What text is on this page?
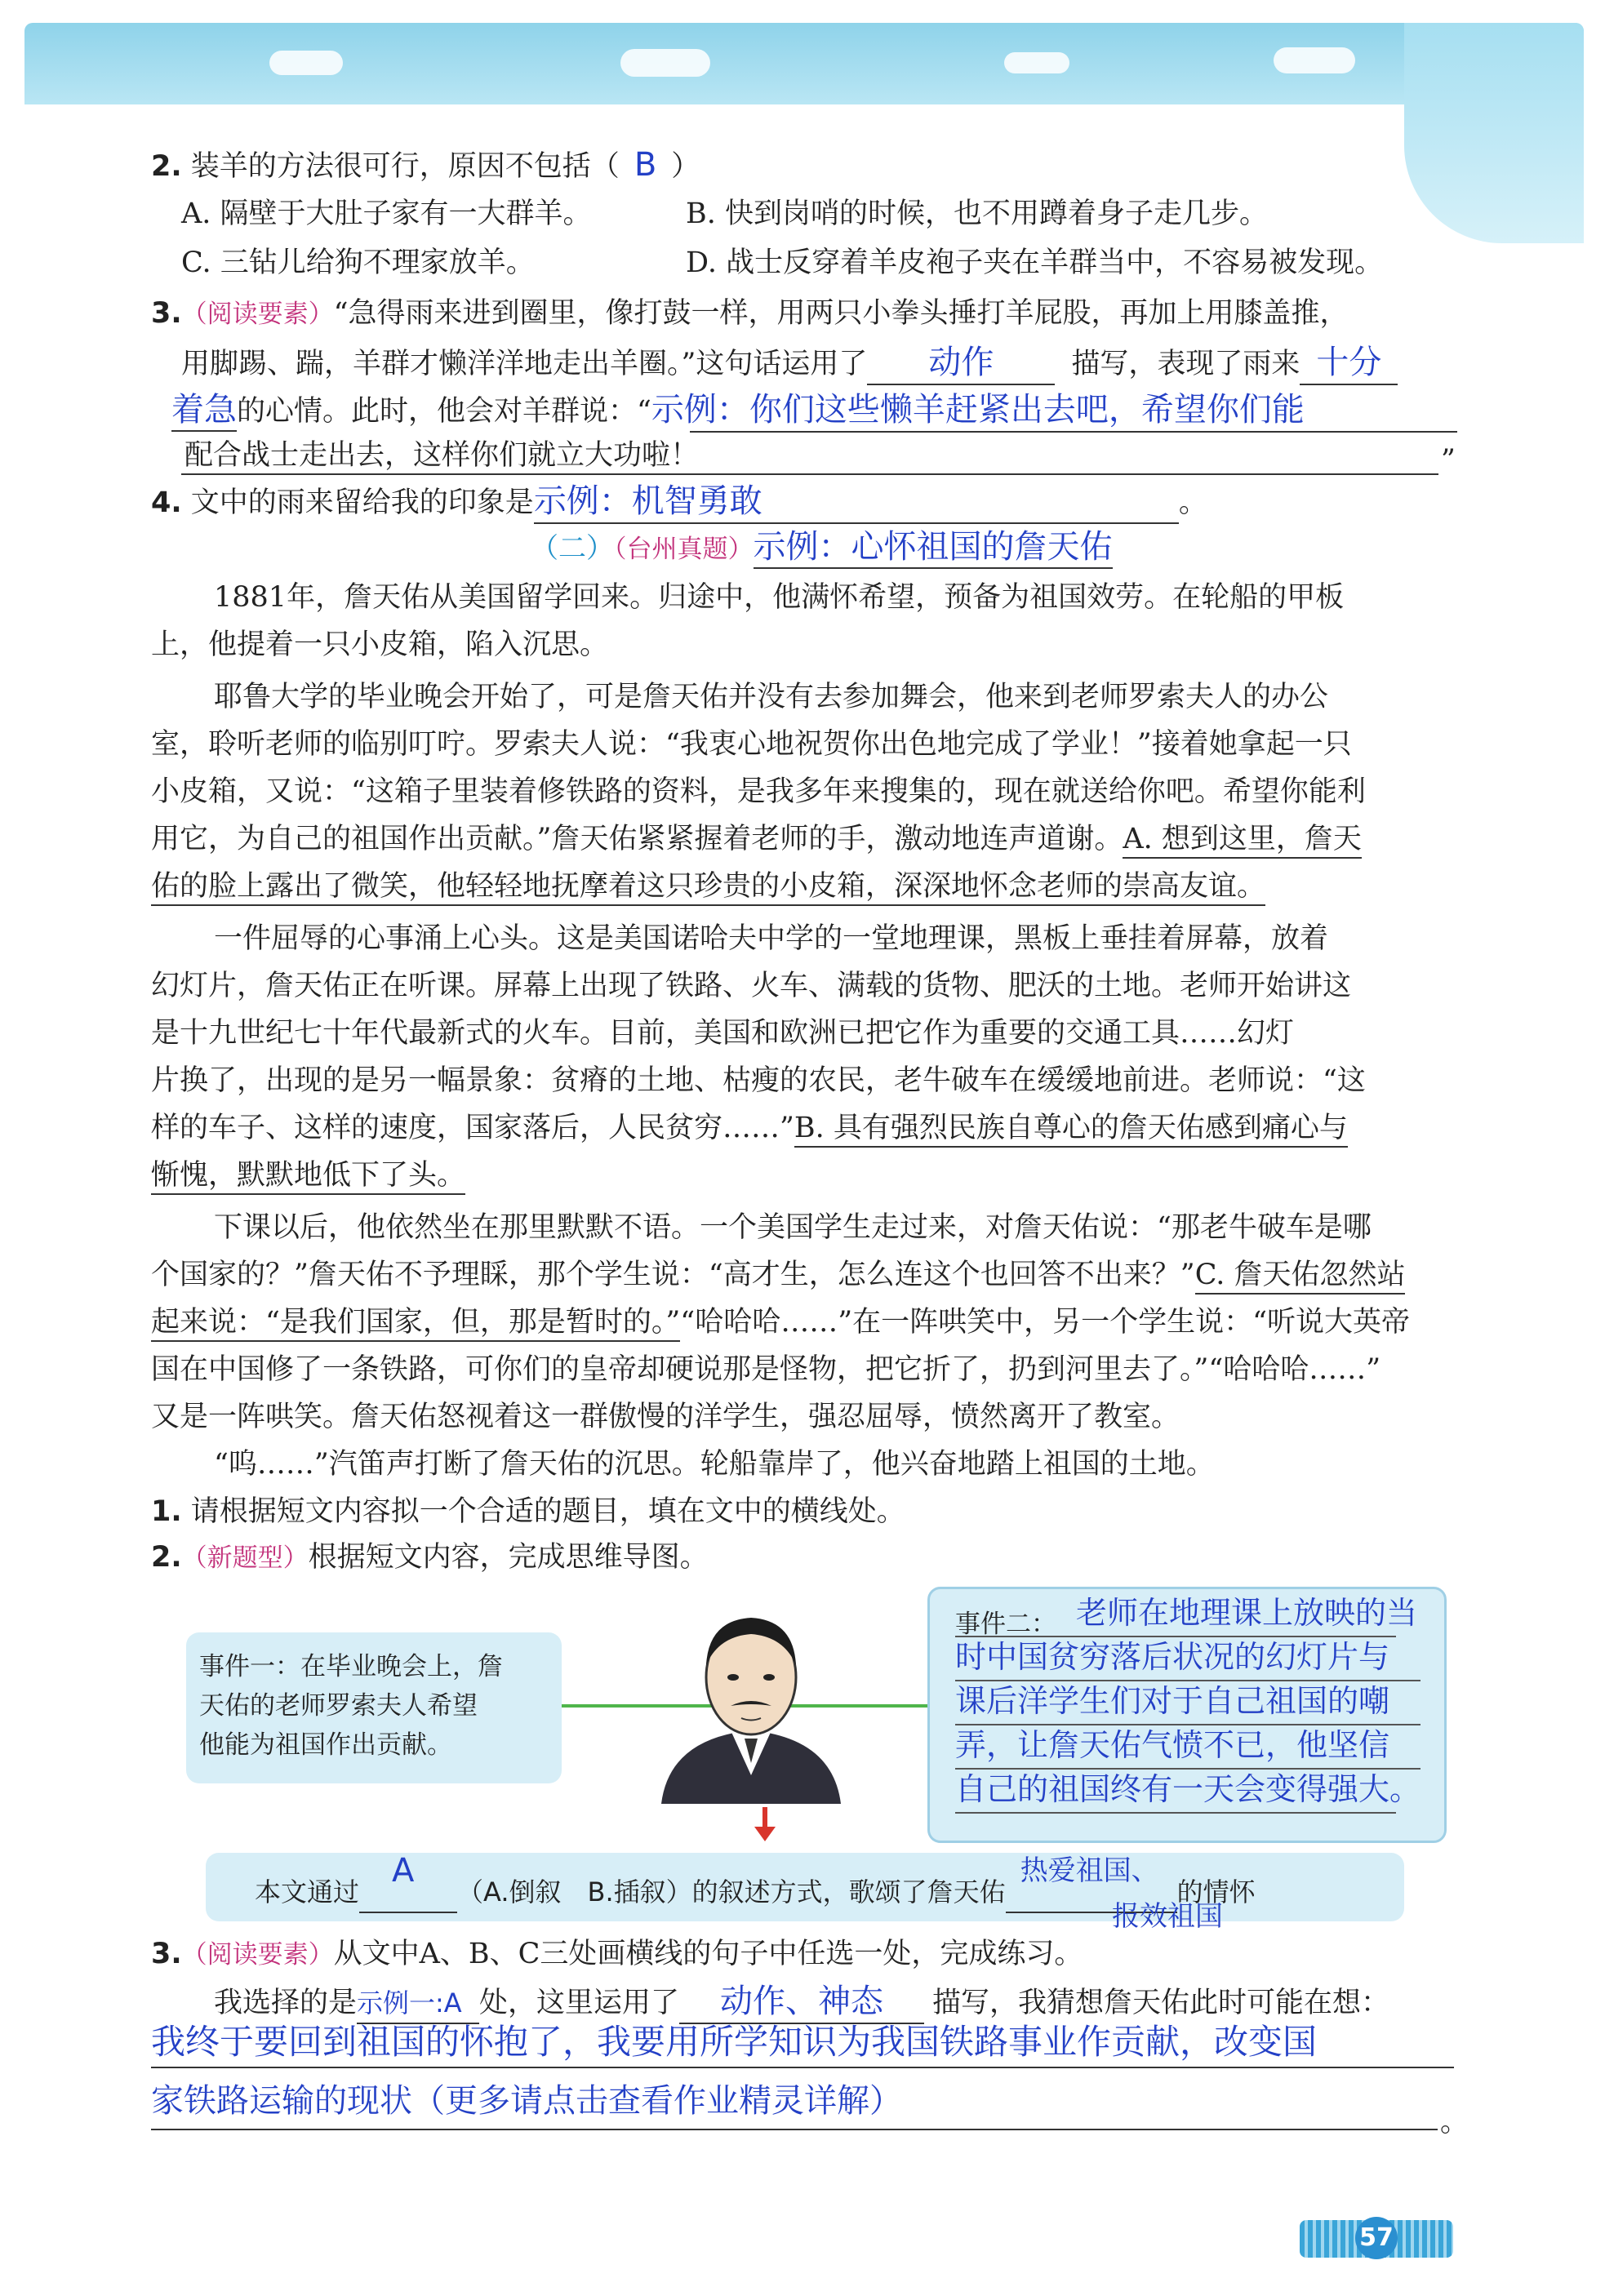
2. 装羊的方法很可行，原因不包括（ B ）
A. 隔壁于大肚子家有一大群羊。	B. 快到岗哨的时候，也不用蹲着身子走几步。
C. 三钻儿给狗不理家放羊。	D. 战士反穿着羊皮袍子夹在羊群当中，不容易被发现。
3.（阅读要素）“急得雨来进到圈里，像打鼓一样，用两只小拳头捶打羊屁股，再加上用膝盖推，
用脚踢、踹，羊群才懒洋洋地走出羊圈。”这句话运用了 动作	描写，表现了雨来 十分
着急的心情。此时，他会对羊群说：“示例：你们这些懒羊赶紧出去吧，希望你们能
配合战士走出去，这样你们就立大功啦！	”
4. 文中的雨来留给我的印象是示例：机智勇敢	。
（二）（台州真题）示例：心怀祖国的詹天佑
1881年，詹天佑从美国留学回来。归途中，他满怀希望，预备为祖国效劳。在轮船的甲板
上，他提着一只小皮箱，陷入沉思。
耶鲁大学的毕业晚会开始了，可是詹天佑并没有去参加舞会，他来到老师罗索夫人的办公
室，聆听老师的临别叮咛。罗索夫人说：“我衷心地祝贺你出色地完成了学业！”接着她拿起一只
小皮箱，又说：“这箱子里装着修铁路的资料，是我多年来搜集的，现在就送给你吧。希望你能利
用它，为自己的祖国作出贡献。”詹天佑紧紧握着老师的手，激动地连声道谢。A. 想到这里，詹天
佑的脸上露出了微笑，他轻轻地抚摩着这只珍贵的小皮箱，深深地怀念老师的崇高友谊。
一件屈辱的心事涌上心头。这是美国诺哈夫中学的一堂地理课，黑板上垂挂着屏幕，放着
幻灯片，詹天佑正在听课。屏幕上出现了铁路、火车、满载的货物、肥沃的土地。老师开始讲这
是十九世纪七十年代最新式的火车。目前，美国和欧洲已把它作为重要的交通工具……幻灯
片换了，出现的是另一幅景象：贫瘠的土地、枯瘦的农民，老牛破车在缓缓地前进。老师说：“这
样的车子、这样的速度，国家落后，人民贫穷……”B. 具有强烈民族自尊心的詹天佑感到痛心与
惭愧，默默地低下了头。
下课以后，他依然坐在那里默默不语。一个美国学生走过来，对詹天佑说：“那老牛破车是哪
个国家的？”詹天佑不予理睬，那个学生说：“高才生，怎么连这个也回答不出来？”C. 詹天佑忽然站
起来说：“是我们国家，但，那是暂时的。”“哈哈哈……”在一阵哄笑中，另一个学生说：“听说大英帝
国在中国修了一条铁路，可你们的皇帝却硬说那是怪物，把它折了，扔到河里去了。”“哈哈哈……”
又是一阵哄笑。詹天佑怒视着这一群傲慢的洋学生，强忍屈辱，愤然离开了教室。
“呜……”汽笛声打断了詹天佑的沉思。轮船靠岸了，他兴奋地踏上祖国的土地。
1. 请根据短文内容拟一个合适的题目，填在文中的横线处。
2.（新题型）根据短文内容，完成思维导图。
事件一：在毕业晚会上，詹
天佑的老师罗索夫人希望
他能为祖国作出贡献。
事件二： 老师在地理课上放映的当
时中国贫穷落后状况的幻灯片与
课后洋学生们对于自己祖国的嘲
弄，让詹天佑气愤不已，他坚信
自己的祖国终有一天会变得强大。
本文通过
A
（A.倒叙　B.插叙）的叙述方式，歌颂了詹天佑
热爱祖国、
的情怀
报效祖国
3.（阅读要素）从文中A、B、C三处画横线的句子中任选一处，完成练习。
我选择的是示例一:A 处，这里运用了 动作、神态 描写，我猜想詹天佑此时可能在想：
我终于要回到祖国的怀抱了，我要用所学知识为我国铁路事业作贡献，改变国
家铁路运输的现状（更多请点击查看作业精灵详解）
。
57
